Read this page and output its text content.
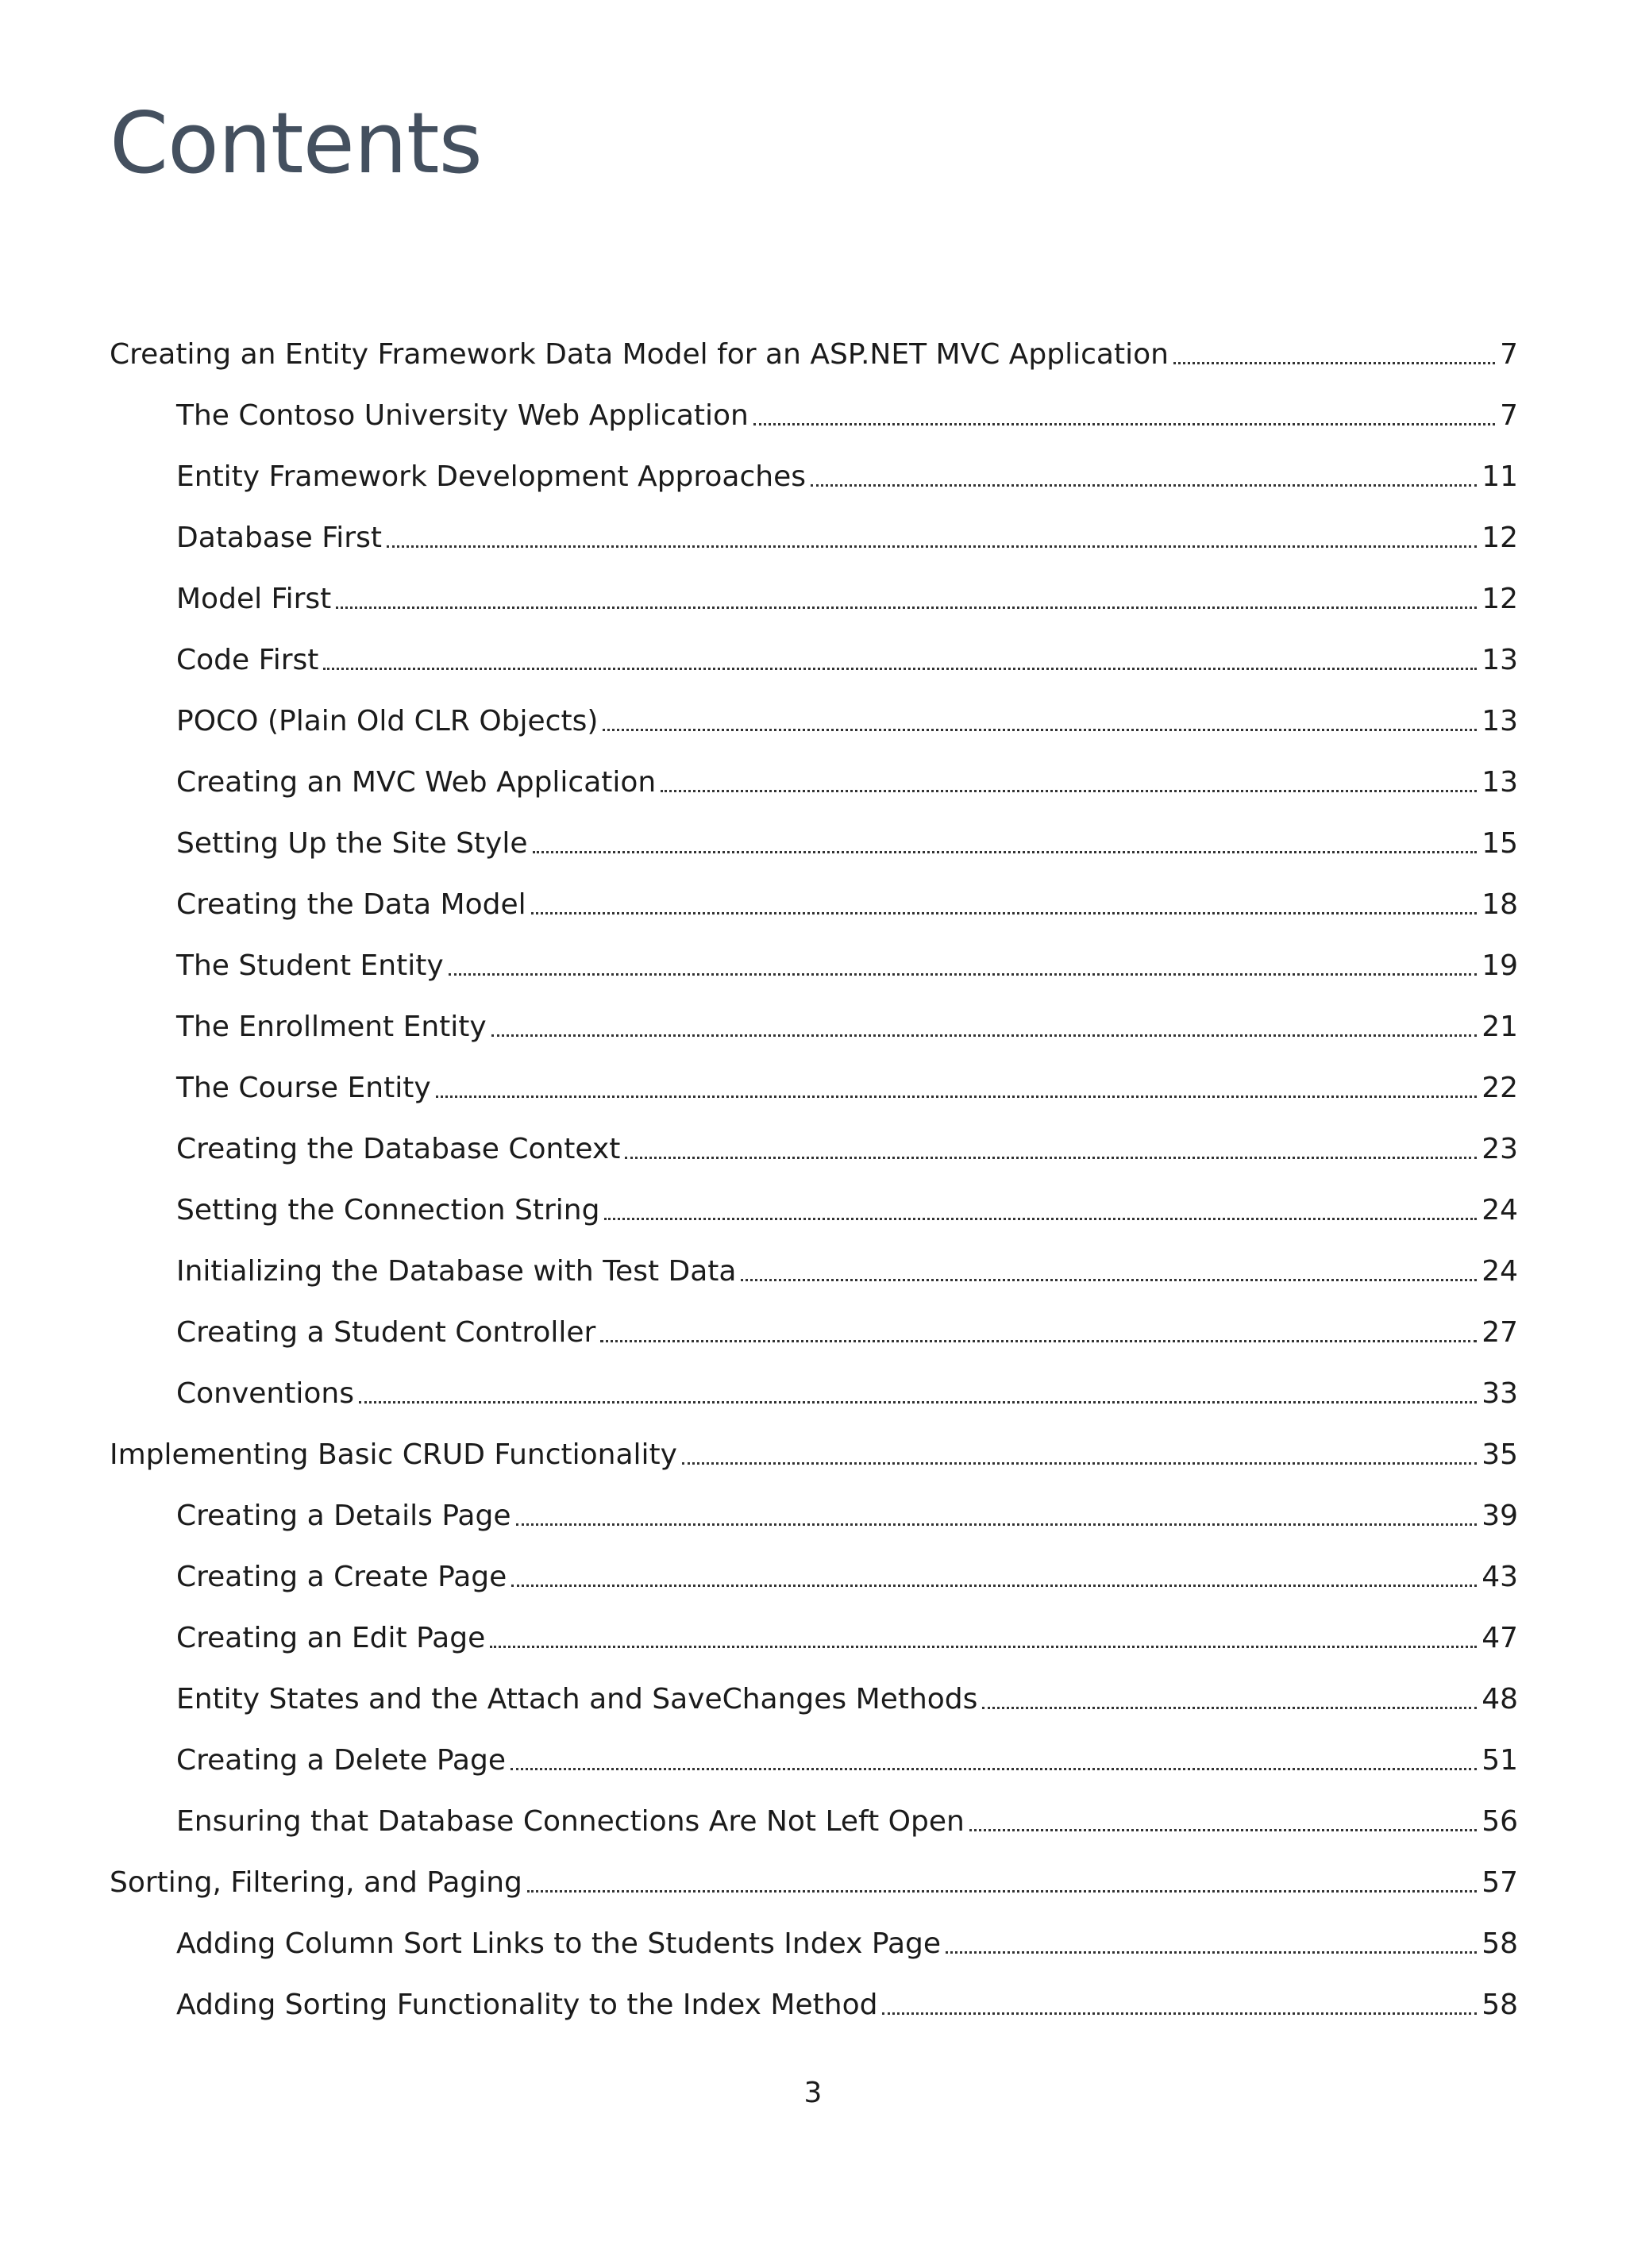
Contents
Creating an Entity Framework Data Model for an ASP.NET MVC Application	7
The Contoso University Web Application	7
Entity Framework Development Approaches	11
Database First	12
Model First	12
Code First	13
POCO (Plain Old CLR Objects)	13
Creating an MVC Web Application	13
Setting Up the Site Style	15
Creating the Data Model	18
The Student Entity	19
The Enrollment Entity	21
The Course Entity	22
Creating the Database Context	23
Setting the Connection String	24
Initializing the Database with Test Data	24
Creating a Student Controller	27
Conventions	33
Implementing Basic CRUD Functionality	35
Creating a Details Page	39
Creating a Create Page	43
Creating an Edit Page	47
Entity States and the Attach and SaveChanges Methods	48
Creating a Delete Page	51
Ensuring that Database Connections Are Not Left Open	56
Sorting, Filtering, and Paging	57
Adding Column Sort Links to the Students Index Page	58
Adding Sorting Functionality to the Index Method	58
3
